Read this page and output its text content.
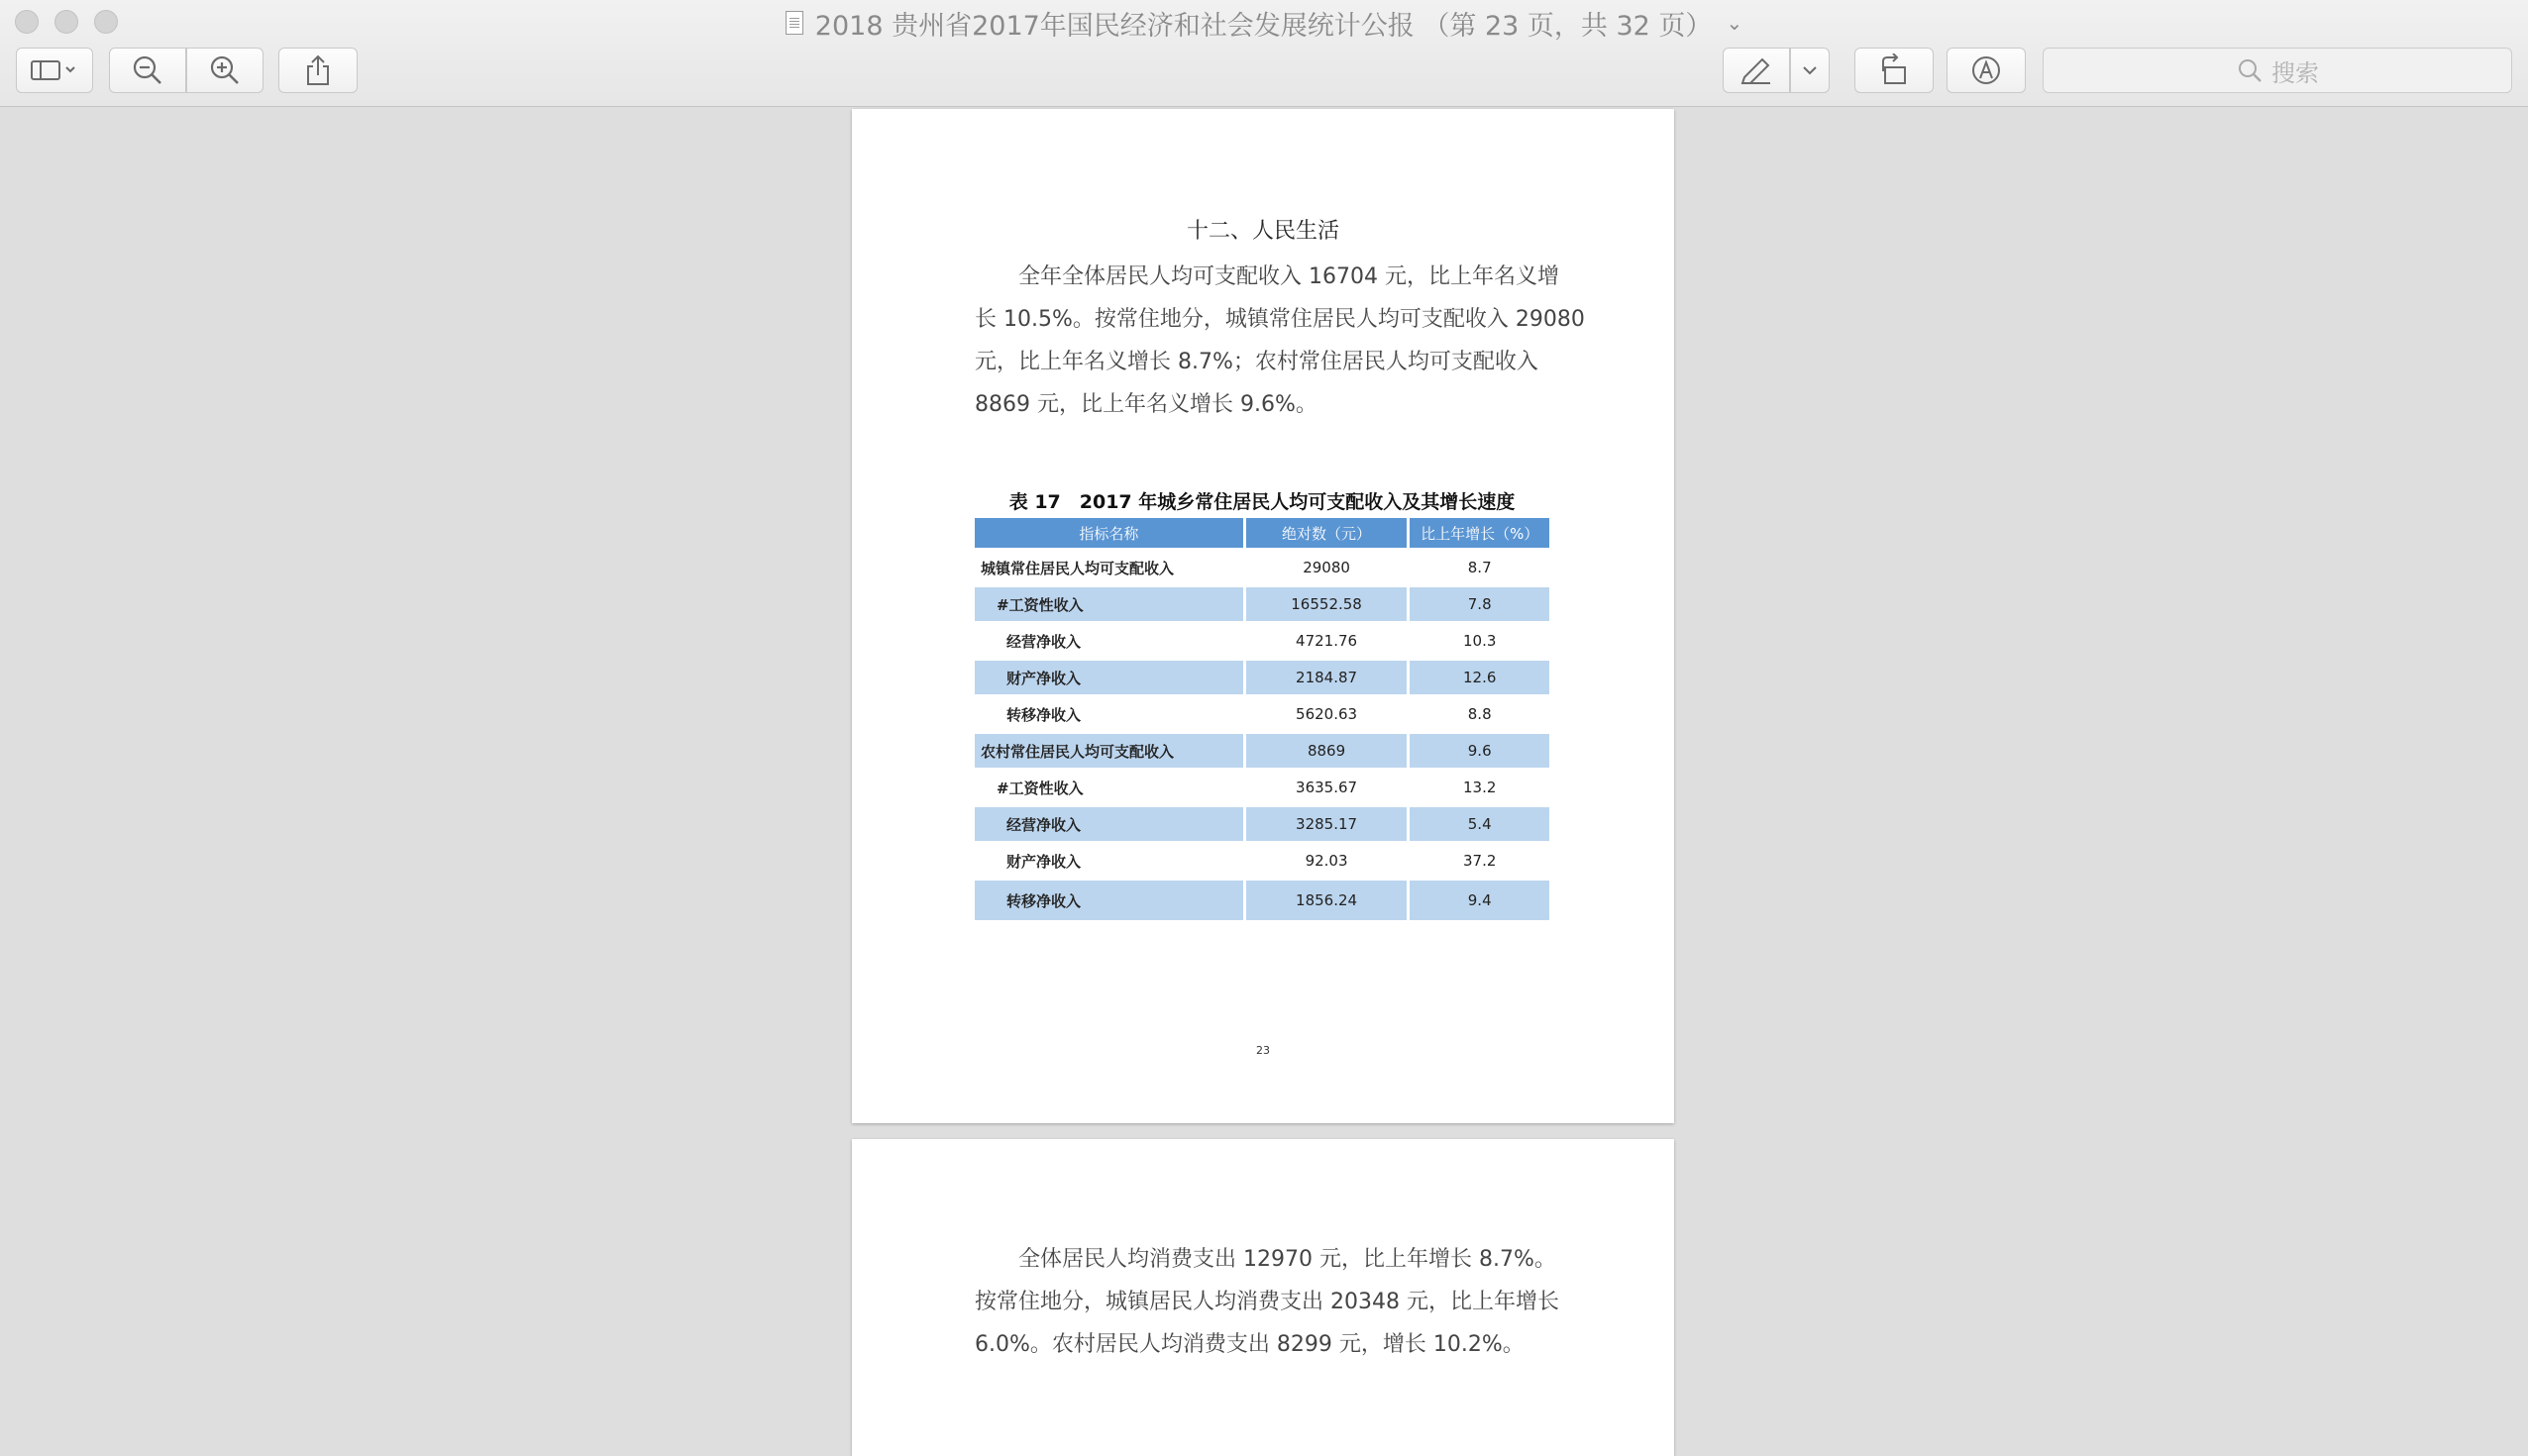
2018 贵州省2017年国民经济和社会发展统计公报 （第 23 页，共 32 页） ⌄
搜索
十二、人民生活
　　全年全体居民人均可支配收入 16704 元，比上年名义增
长 10.5%。按常住地分，城镇常住居民人均可支配收入 29080
元，比上年名义增长 8.7%；农村常住居民人均可支配收入
8869 元，比上年名义增长 9.6%。
表 17　2017 年城乡常住居民人均可支配收入及其增长速度
指标名称	绝对数（元）	比上年增长（%）
城镇常住居民人均可支配收入	29080	8.7
#工资性收入	16552.58	7.8
经营净收入	4721.76	10.3
财产净收入	2184.87	12.6
转移净收入	5620.63	8.8
农村常住居民人均可支配收入	8869	9.6
#工资性收入	3635.67	13.2
经营净收入	3285.17	5.4
财产净收入	92.03	37.2
转移净收入	1856.24	9.4
23
　　全体居民人均消费支出 12970 元，比上年增长 8.7%。
按常住地分，城镇居民人均消费支出 20348 元，比上年增长
6.0%。农村居民人均消费支出 8299 元，增长 10.2%。
